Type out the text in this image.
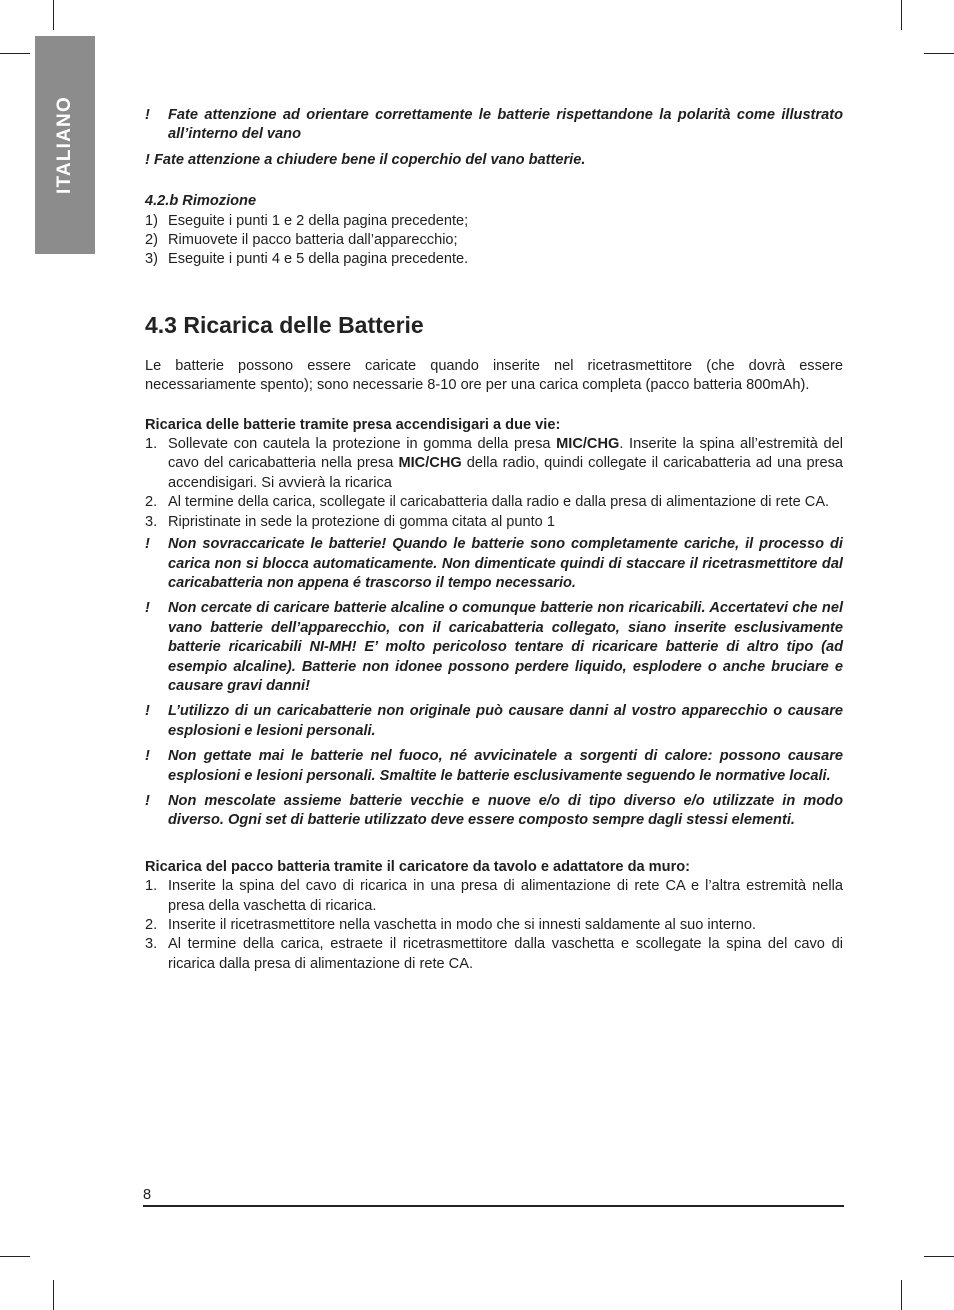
ITALIANO	! Fate attenzione ad orientare correttamente le batterie rispettandone la polarità come illustrato all’interno del vano

! Fate attenzione a chiudere bene il coperchio del vano batterie.

4.2.b Rimozione

1) Eseguite i punti 1 e 2 della pagina precedente;
2) Rimuovete il pacco batteria dall’apparecchio;
3) Eseguite i punti 4 e 5 della pagina precedente.
4.3 Ricarica delle Batterie

Le batterie possono essere caricate quando inserite nel ricetrasmettitore (che dovrà essere necessariamente spento); sono necessarie 8-10 ore per una carica completa (pacco batteria 800mAh).

Ricarica delle batterie tramite presa accendisigari a due vie:

1. Sollevate con cautela la protezione in gomma della presa MIC/CHG. Inserite la spina all’estremità del cavo del caricabatteria nella presa MIC/CHG della radio, quindi collegate il caricabatteria ad una presa accendisigari. Si avvierà la ricarica
2. Al termine della carica, scollegate il caricabatteria dalla radio e dalla presa di alimentazione di rete CA.
3. Ripristinate in sede la protezione di gomma citata al punto 1
! Non sovraccaricate le batterie! Quando le batterie sono completamente cariche, il processo di carica non si blocca automaticamente. Non dimenticate quindi di staccare il ricetrasmettitore dal caricabatteria non appena é trascorso il tempo necessario.
! Non cercate di caricare batterie alcaline o comunque batterie non ricaricabili. Accertatevi che nel vano batterie dell’apparecchio, con il caricabatteria collegato, siano inserite esclusivamente batterie ricaricabili NI-MH! E’ molto pericoloso tentare di ricaricare batterie di altro tipo (ad esempio alcaline). Batterie non idonee possono perdere liquido, esplodere o anche bruciare e causare gravi danni!
! L’utilizzo di un caricabatterie non originale può causare danni al vostro apparecchio o causare esplosioni e lesioni personali.
! Non gettate mai le batterie nel fuoco, né avvicinatele a sorgenti di calore: possono causare esplosioni e lesioni personali. Smaltite le batterie esclusivamente seguendo le normative locali.
! Non mescolate assieme batterie vecchie e nuove e/o di tipo diverso e/o utilizzate in modo diverso. Ogni set di batterie utilizzato deve essere composto sempre dagli stessi elementi.

Ricarica del pacco batteria tramite il caricatore da tavolo e adattatore da muro:

1. Inserite la spina del cavo di ricarica in una presa di alimentazione di rete CA e l’altra estremità nella presa della vaschetta di ricarica.
2. Inserite il ricetrasmettitore nella vaschetta in modo che si innesti saldamente al suo interno.
3. Al termine della carica, estraete il ricetrasmettitore dalla vaschetta e scollegate la spina del cavo di ricarica dalla presa di alimentazione di rete CA.
8
